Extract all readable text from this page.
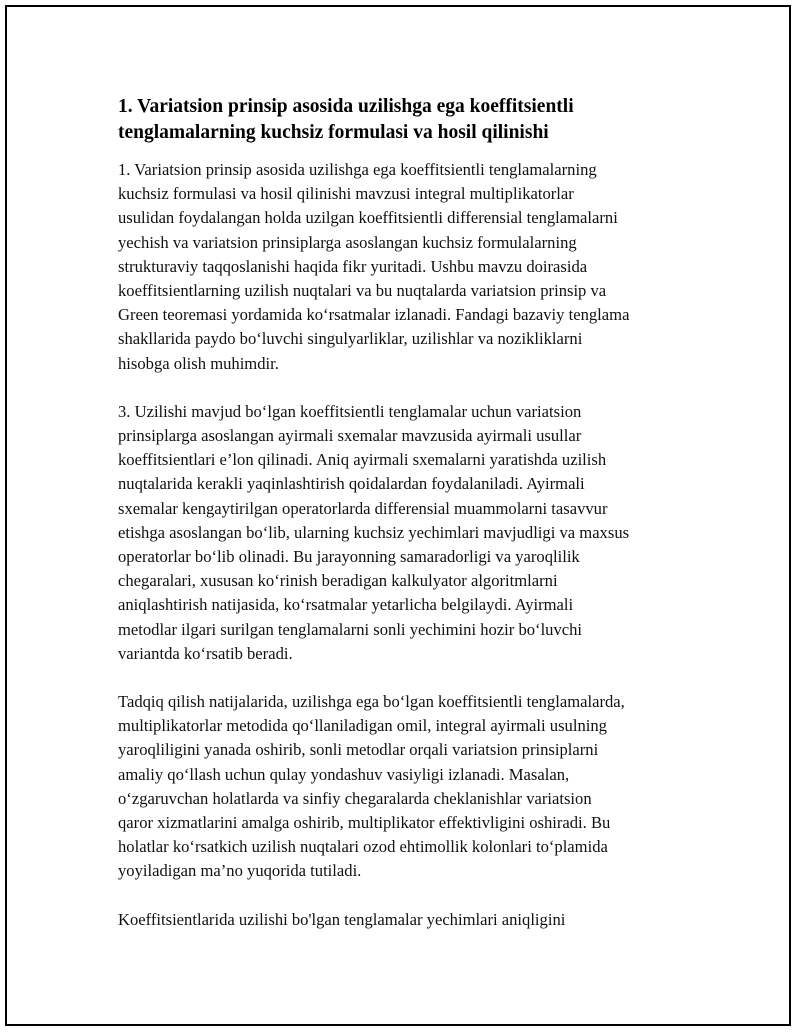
1. Variatsion prinsip asosida uzilishga ega koeffitsientli
tenglamalarning kuchsiz formulasi va hosil qilinishi

1. Variatsion prinsip asosida uzilishga ega koeffitsientli tenglamalarning
kuchsiz formulasi va hosil qilinishi mavzusi integral multiplikatorlar
usulidan foydalangan holda uzilgan koeffitsientli differensial tenglamalarni
yechish va variatsion prinsiplarga asoslangan kuchsiz formulalarning
strukturaviy taqqoslanishi haqida fikr yuritadi. Ushbu mavzu doirasida
koeffitsientlarning uzilish nuqtalari va bu nuqtalarda variatsion prinsip va
Green teoremasi yordamida ko‘rsatmalar izlanadi. Fandagi bazaviy tenglama
shakllarida paydo bo‘luvchi singulyarliklar, uzilishlar va nozikliklarni
hisobga olish muhimdir.

3. Uzilishi mavjud bo‘lgan koeffitsientli tenglamalar uchun variatsion
prinsiplarga asoslangan ayirmali sxemalar mavzusida ayirmali usullar
koeffitsientlari e’lon qilinadi. Aniq ayirmali sxemalarni yaratishda uzilish
nuqtalarida kerakli yaqinlashtirish qoidalardan foydalaniladi. Ayirmali
sxemalar kengaytirilgan operatorlarda differensial muammolarni tasavvur
etishga asoslangan bo‘lib, ularning kuchsiz yechimlari mavjudligi va maxsus
operatorlar bo‘lib olinadi. Bu jarayonning samaradorligi va yaroqlilik
chegaralari, xususan ko‘rinish beradigan kalkulyator algoritmlarni
aniqlashtirish natijasida, ko‘rsatmalar yetarlicha belgilaydi. Ayirmali
metodlar ilgari surilgan tenglamalarni sonli yechimini hozir bo‘luvchi
variantda ko‘rsatib beradi.

Tadqiq qilish natijalarida, uzilishga ega bo‘lgan koeffitsientli tenglamalarda,
multiplikatorlar metodida qo‘llaniladigan omil, integral ayirmali usulning
yaroqliligini yanada oshirib, sonli metodlar orqali variatsion prinsiplarni
amaliy qo‘llash uchun qulay yondashuv vasiyligi izlanadi. Masalan,
o‘zgaruvchan holatlarda va sinfiy chegaralarda cheklanishlar variatsion
qaror xizmatlarini amalga oshirib, multiplikator effektivligini oshiradi. Bu
holatlar ko‘rsatkich uzilish nuqtalari ozod ehtimollik kolonlari to‘plamida
yoyiladigan ma’no yuqorida tutiladi.

Koeffitsientlarida uzilishi bo'lgan tenglamalar yechimlari aniqligini
